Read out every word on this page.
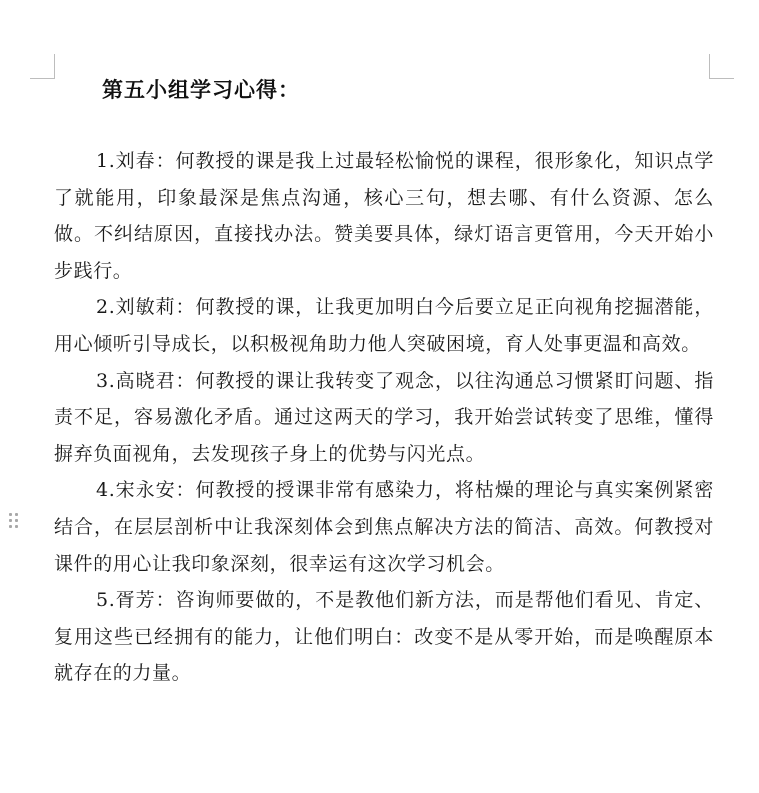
第五小组学习心得：

1.刘春：何教授的课是我上过最轻松愉悦的课程，很形象化，知识点学了就能用，印象最深是焦点沟通，核心三句，想去哪、有什么资源、怎么做。不纠结原因，直接找办法。赞美要具体，绿灯语言更管用，今天开始小步践行。

2.刘敏莉：何教授的课，让我更加明白今后要立足正向视角挖掘潜能，用心倾听引导成长，以积极视角助力他人突破困境，育人处事更温和高效。

3.高晓君：何教授的课让我转变了观念，以往沟通总习惯紧盯问题、指责不足，容易激化矛盾。通过这两天的学习，我开始尝试转变了思维，懂得摒弃负面视角，去发现孩子身上的优势与闪光点。

4.宋永安：何教授的授课非常有感染力，将枯燥的理论与真实案例紧密结合，在层层剖析中让我深刻体会到焦点解决方法的简洁、高效。何教授对课件的用心让我印象深刻，很幸运有这次学习机会。

5.胥芳：咨询师要做的，不是教他们新方法，而是帮他们看见、肯定、复用这些已经拥有的能力，让他们明白：改变不是从零开始，而是唤醒原本就存在的力量。
